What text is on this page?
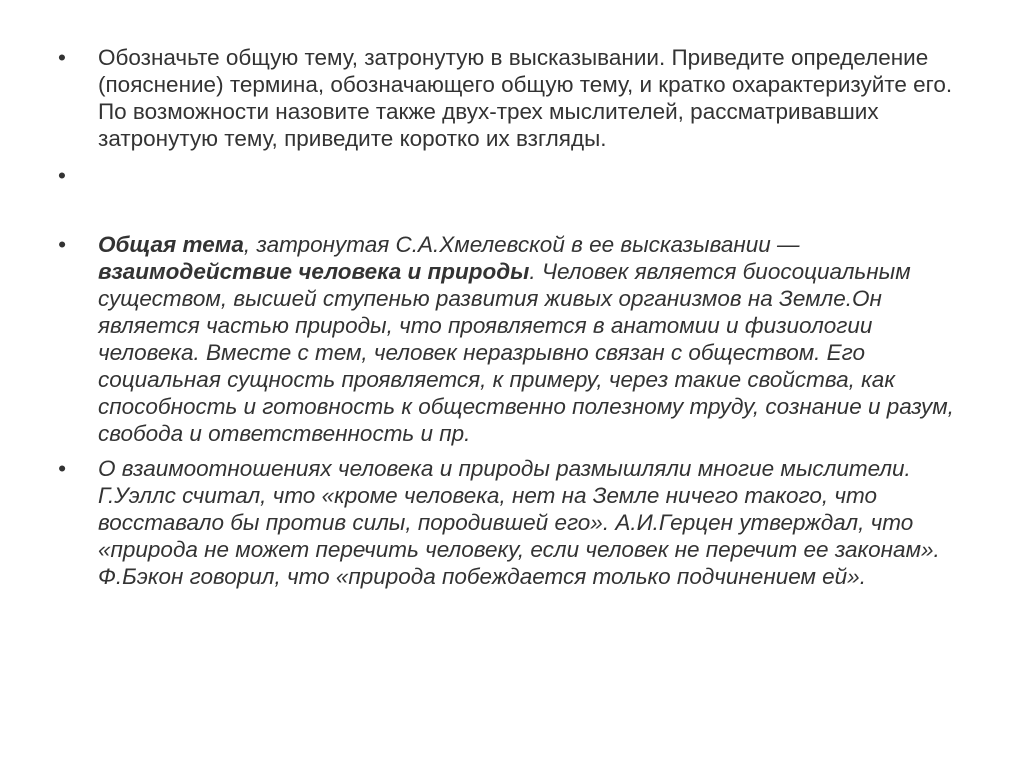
•	Обозначьте общую тему, затронутую в высказывании. Приведите определение (пояснение) термина, обозначающего общую тему, и кратко охарактеризуйте его. По возможности назовите также двух-трех мыслителей, рассматривавших затронутую тему, приведите коротко их взгляды.
•
•	Общая тема, затронутая С.А.Хмелевской в ее высказывании — взаимодействие человека и природы. Человек является биосоциальным существом, высшей ступенью развития живых организмов на Земле.Он является частью природы, что проявляется в анатомии и физиологии человека. Вместе с тем, человек неразрывно связан с обществом. Его социальная сущность проявляется, к примеру, через такие свойства, как способность и готовность к общественно полезному труду, сознание и разум, свобода и ответственность и пр.
•	О взаимоотношениях человека и природы размышляли многие мыслители. Г.Уэллс считал, что «кроме человека, нет на Земле ничего такого, что восставало бы против силы, породившей его». А.И.Герцен утверждал, что «природа не может перечить человеку, если человек не перечит ее законам». Ф.Бэкон говорил, что «природа побеждается только подчинением ей».
